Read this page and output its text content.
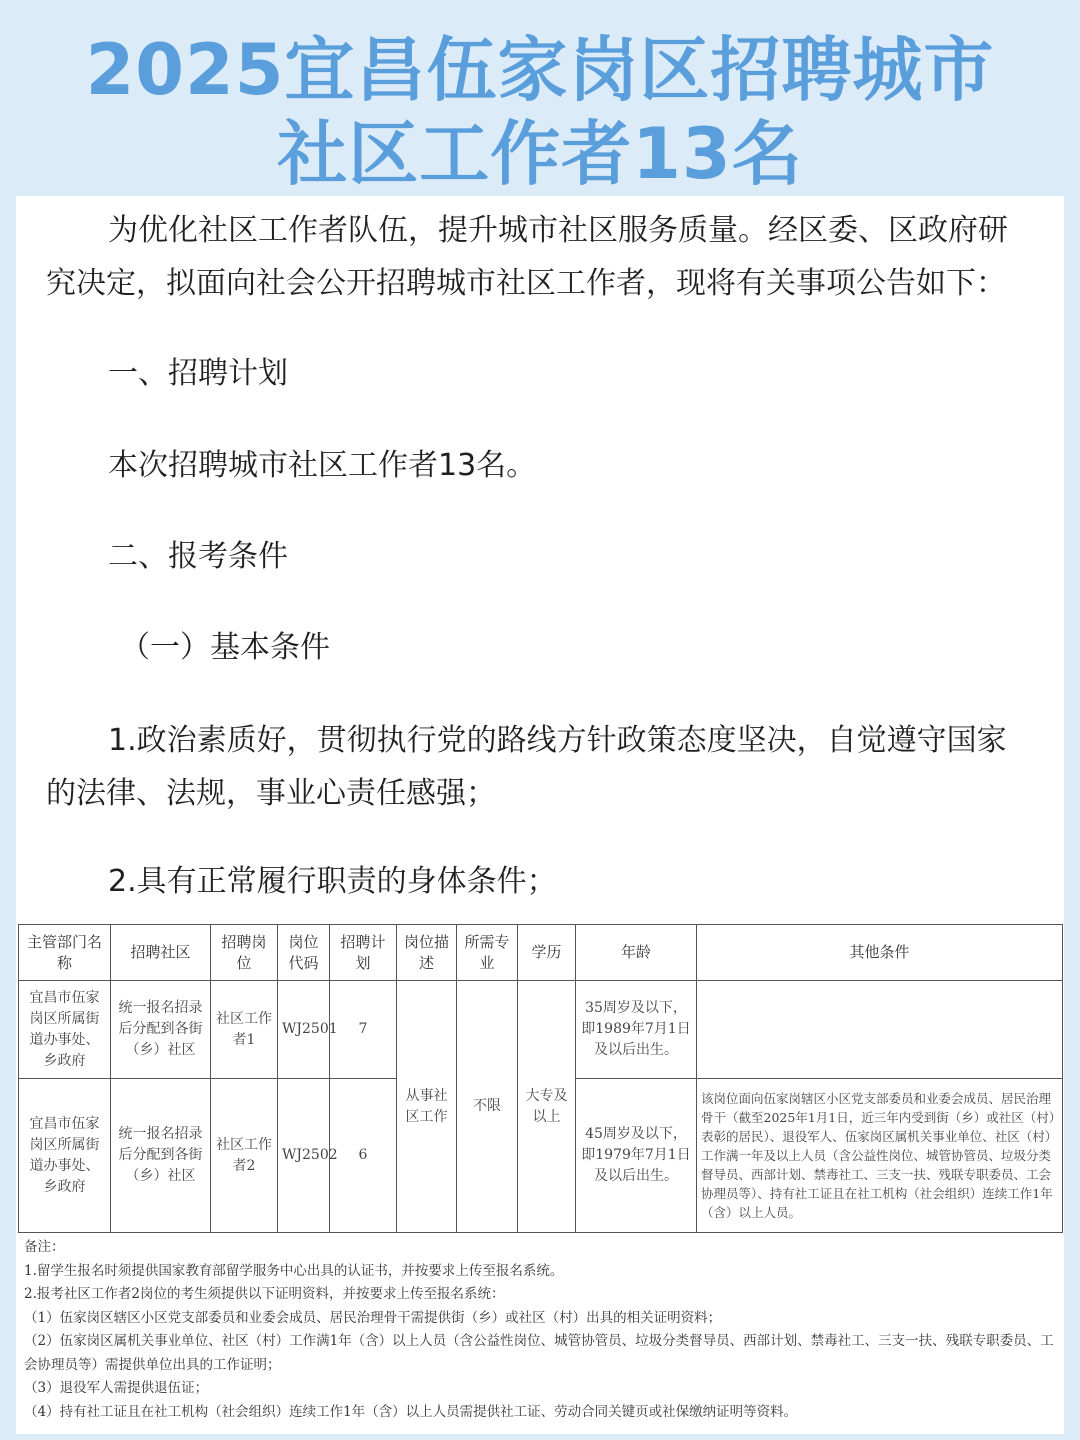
2025宜昌伍家岗区招聘城市
社区工作者13名

为优化社区工作者队伍，提升城市社区服务质量。经区委、区政府研究决定，拟面向社会公开招聘城市社区工作者，现将有关事项公告如下：

一、招聘计划
本次招聘城市社区工作者13名。
二、报考条件
（一）基本条件

1.政治素质好，贯彻执行党的路线方针政策态度坚决，自觉遵守国家的法律、法规，事业心责任感强；

2.具有正常履行职责的身体条件；
主管部门名称	招聘社区	招聘岗位	岗位代码	招聘计划	岗位描述	所需专业	学历	年龄	其他条件
宜昌市伍家岗区所属街道办事处、乡政府	统一报名招录后分配到各街（乡）社区	社区工作者1	WJ2501	7	从事社区工作	不限	大专及以上	35周岁及以下，即1989年7月1日及以后出生。	
宜昌市伍家岗区所属街道办事处、乡政府	统一报名招录后分配到各街（乡）社区	社区工作者2	WJ2502	6				45周岁及以下，即1979年7月1日及以后出生。	该岗位面向伍家岗辖区小区党支部委员和业委会成员、居民治理骨干（截至2025年1月1日，近三年内受到街（乡）或社区（村）表彰的居民）、退役军人、伍家岗区属机关事业单位、社区（村）工作满一年及以上人员（含公益性岗位、城管协管员、垃圾分类督导员、西部计划、禁毒社工、三支一扶、残联专职委员、工会协理员等）、持有社工证且在社工机构（社会组织）连续工作1年（含）以上人员。

备注：

1.留学生报名时须提供国家教育部留学服务中心出具的认证书，并按要求上传至报名系统。

2.报考社区工作者2岗位的考生须提供以下证明资料，并按要求上传至报名系统：

（1）伍家岗区辖区小区党支部委员和业委会成员、居民治理骨干需提供街（乡）或社区（村）出具的相关证明资料；

（2）伍家岗区属机关事业单位、社区（村）工作满1年（含）以上人员（含公益性岗位、城管协管员、垃圾分类督导员、西部计划、禁毒社工、三支一扶、残联专职委员、工会协理员等）需提供单位出具的工作证明；

（3）退役军人需提供退伍证；

（4）持有社工证且在社工机构（社会组织）连续工作1年（含）以上人员需提供社工证、劳动合同关键页或社保缴纳证明等资料。
